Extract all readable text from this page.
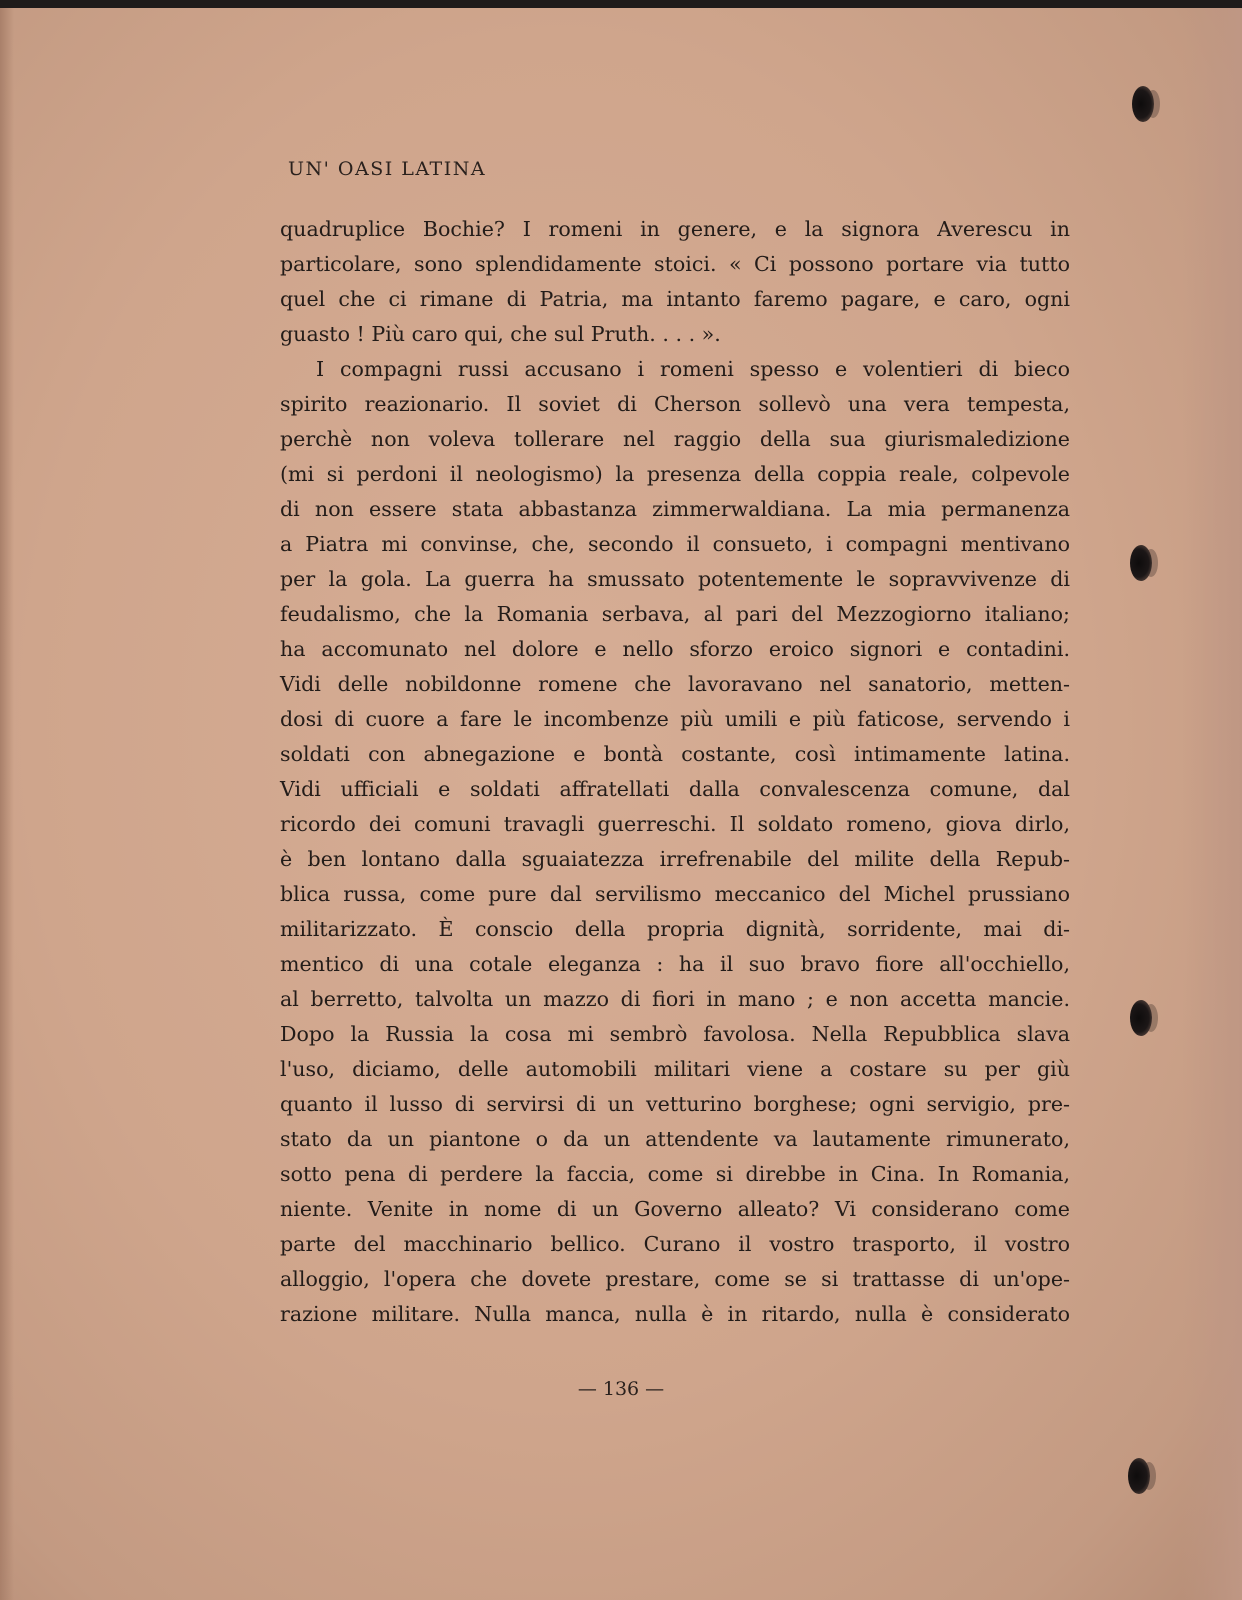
UN' OASI LATINA
quadruplice Bochie? I romeni in genere, e la signora Averescu in
particolare, sono splendidamente stoici. « Ci possono portare via tutto
quel che ci rimane di Patria, ma intanto faremo pagare, e caro, ogni
guasto ! Più caro qui, che sul Pruth. . . . ».
I compagni russi accusano i romeni spesso e volentieri di bieco
spirito reazionario. Il soviet di Cherson sollevò una vera tempesta,
perchè non voleva tollerare nel raggio della sua giurismaledizione
(mi si perdoni il neologismo) la presenza della coppia reale, colpevole
di non essere stata abbastanza zimmerwaldiana. La mia permanenza
a Piatra mi convinse, che, secondo il consueto, i compagni mentivano
per la gola. La guerra ha smussato potentemente le sopravvivenze di
feudalismo, che la Romania serbava, al pari del Mezzogiorno italiano;
ha accomunato nel dolore e nello sforzo eroico signori e contadini.
Vidi delle nobildonne romene che lavoravano nel sanatorio, metten-
dosi di cuore a fare le incombenze più umili e più faticose, servendo i
soldati con abnegazione e bontà costante, così intimamente latina.
Vidi ufficiali e soldati affratellati dalla convalescenza comune, dal
ricordo dei comuni travagli guerreschi. Il soldato romeno, giova dirlo,
è ben lontano dalla sguaiatezza irrefrenabile del milite della Repub-
blica russa, come pure dal servilismo meccanico del Michel prussiano
militarizzato. È conscio della propria dignità, sorridente, mai di-
mentico di una cotale eleganza : ha il suo bravo fiore all'occhiello,
al berretto, talvolta un mazzo di fiori in mano ; e non accetta mancie.
Dopo la Russia la cosa mi sembrò favolosa. Nella Repubblica slava
l'uso, diciamo, delle automobili militari viene a costare su per giù
quanto il lusso di servirsi di un vetturino borghese; ogni servigio, pre-
stato da un piantone o da un attendente va lautamente rimunerato,
sotto pena di perdere la faccia, come si direbbe in Cina. In Romania,
niente. Venite in nome di un Governo alleato? Vi considerano come
parte del macchinario bellico. Curano il vostro trasporto, il vostro
alloggio, l'opera che dovete prestare, come se si trattasse di un'ope-
razione militare. Nulla manca, nulla è in ritardo, nulla è considerato
— 136 —
